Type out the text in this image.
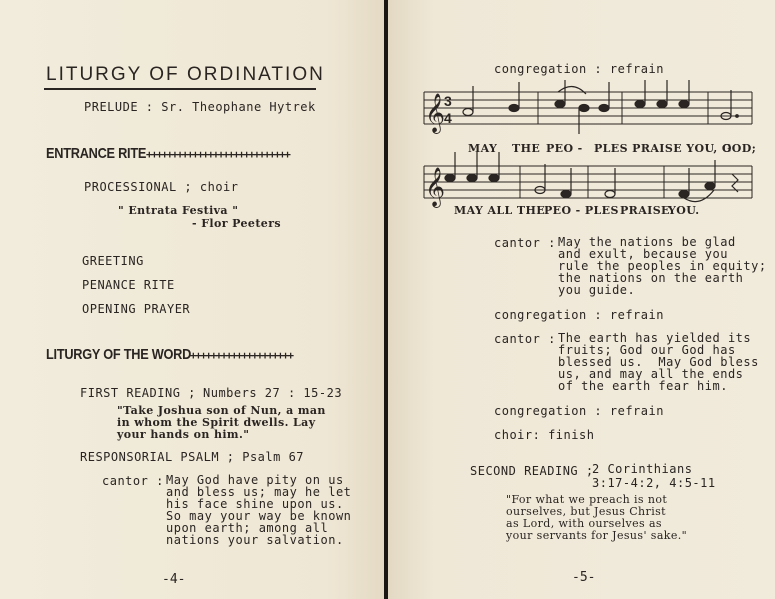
LITURGY OF ORDINATION
PRELUDE : Sr. Theophane Hytrek
ENTRANCE RITE ++++++++++++++++++++++++++++
PROCESSIONAL ; choir
" Entrata Festiva "
- Flor Peeters
GREETING
PENANCE RITE
OPENING PRAYER
LITURGY OF THE WORD
++++++++++++++++++++
FIRST READING ; Numbers 27 : 15-23
"Take Joshua son of Nun, a man
in whom the Spirit dwells. Lay
your hands on him."
RESPONSORIAL PSALM ; Psalm 67
cantor : May God have pity on us
and bless us; may he let
his face shine upon us.
So may your way be known
upon earth; among all
nations your salvation.
-4-
congregation : refrain
𝄞
𝄞
3
4
MAY THE PEO - PLES PRAISE YOU, O
GOD;
MAY ALL THE
PEO - PLES PRAISE
YOU.
cantor : May the nations be glad
and exult, because you
rule the peoples in equity;
the nations on the earth
you guide.
congregation : refrain
cantor : The earth has yielded its
fruits; God our God has
blessed us.  May God bless
us, and may all the ends
of the earth fear him.
congregation : refrain
choir: finish
SECOND READING ;
2 Corinthians
3:17-4:2, 4:5-11
"For what we preach is not
ourselves, but Jesus Christ
as Lord, with ourselves as
your servants for Jesus' sake."
-5-
